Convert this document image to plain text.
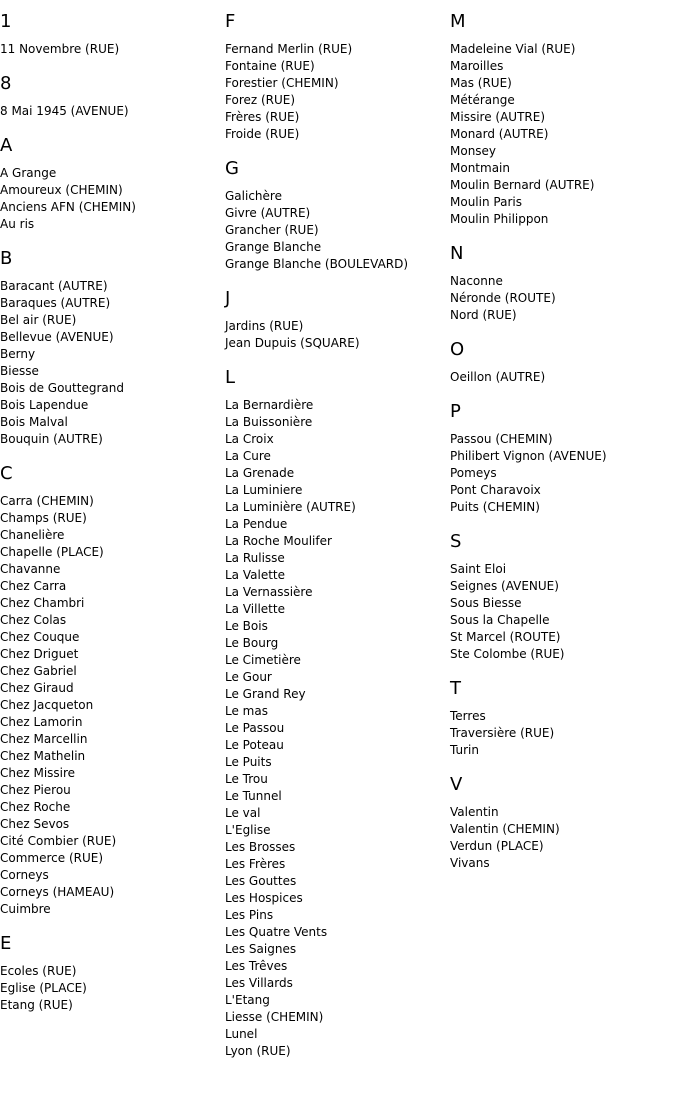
1
11 Novembre (RUE)
8
8 Mai 1945 (AVENUE)
A
A Grange
Amoureux (CHEMIN)
Anciens AFN (CHEMIN)
Au ris
B
Baracant (AUTRE)
Baraques (AUTRE)
Bel air (RUE)
Bellevue (AVENUE)
Berny
Biesse
Bois de Gouttegrand
Bois Lapendue
Bois Malval
Bouquin (AUTRE)
C
Carra (CHEMIN)
Champs (RUE)
Chanelière
Chapelle (PLACE)
Chavanne
Chez Carra
Chez Chambri
Chez Colas
Chez Couque
Chez Driguet
Chez Gabriel
Chez Giraud
Chez Jacqueton
Chez Lamorin
Chez Marcellin
Chez Mathelin
Chez Missire
Chez Pierou
Chez Roche
Chez Sevos
Cité Combier (RUE)
Commerce (RUE)
Corneys
Corneys (HAMEAU)
Cuimbre
E
Ecoles (RUE)
Eglise (PLACE)
Etang (RUE)
F
Fernand Merlin (RUE)
Fontaine (RUE)
Forestier (CHEMIN)
Forez (RUE)
Frères (RUE)
Froide (RUE)
G
Galichère
Givre (AUTRE)
Grancher (RUE)
Grange Blanche
Grange Blanche (BOULEVARD)
J
Jardins (RUE)
Jean Dupuis (SQUARE)
L
La Bernardière
La Buissonière
La Croix
La Cure
La Grenade
La Luminiere
La Luminière (AUTRE)
La Pendue
La Roche Moulifer
La Rulisse
La Valette
La Vernassière
La Villette
Le Bois
Le Bourg
Le Cimetière
Le Gour
Le Grand Rey
Le mas
Le Passou
Le Poteau
Le Puits
Le Trou
Le Tunnel
Le val
L'Eglise
Les Brosses
Les Frères
Les Gouttes
Les Hospices
Les Pins
Les Quatre Vents
Les Saignes
Les Trêves
Les Villards
L'Etang
Liesse (CHEMIN)
Lunel
Lyon (RUE)
M
Madeleine Vial (RUE)
Maroilles
Mas (RUE)
Métérange
Missire (AUTRE)
Monard (AUTRE)
Monsey
Montmain
Moulin Bernard (AUTRE)
Moulin Paris
Moulin Philippon
N
Naconne
Néronde (ROUTE)
Nord (RUE)
O
Oeillon (AUTRE)
P
Passou (CHEMIN)
Philibert Vignon (AVENUE)
Pomeys
Pont Charavoix
Puits (CHEMIN)
S
Saint Eloi
Seignes (AVENUE)
Sous Biesse
Sous la Chapelle
St Marcel (ROUTE)
Ste Colombe (RUE)
T
Terres
Traversière (RUE)
Turin
V
Valentin
Valentin (CHEMIN)
Verdun (PLACE)
Vivans
